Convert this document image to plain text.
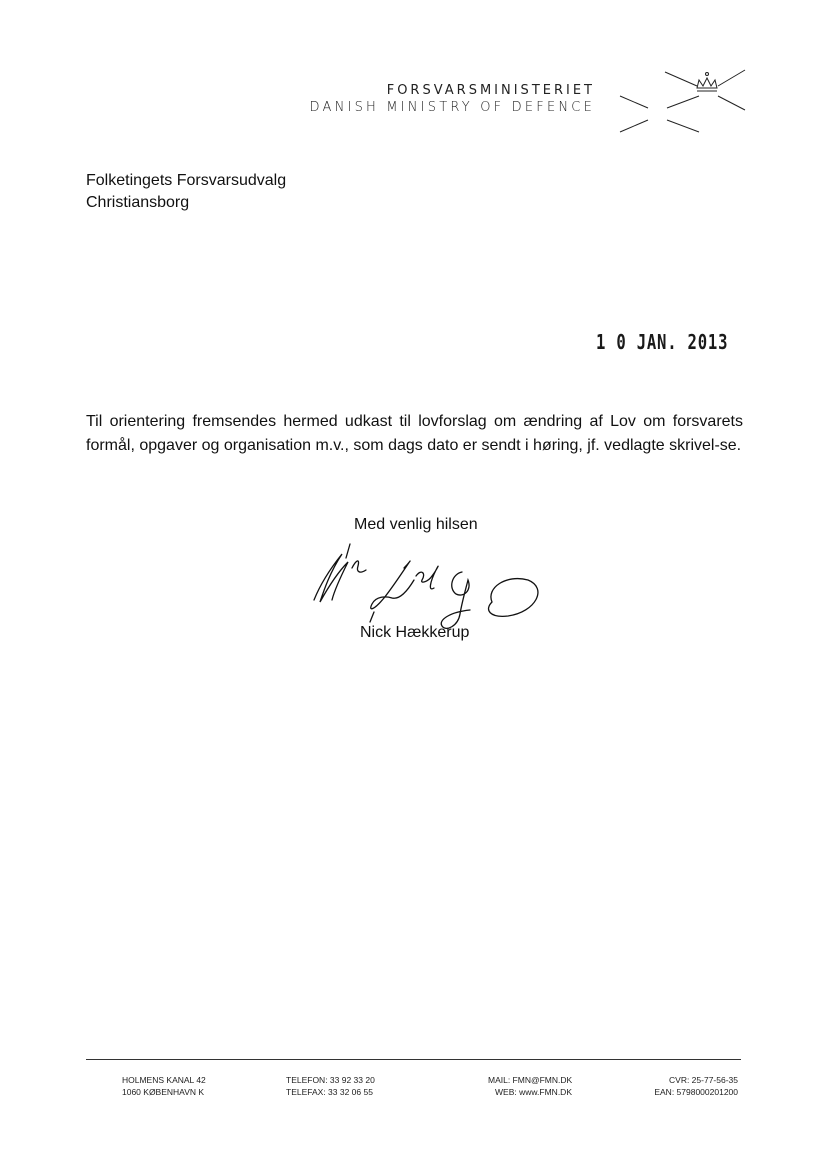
FORSVARSMINISTERIET
DANISH MINISTRY OF DEFENCE
Folketingets Forsvarsudvalg
Christiansborg
1 0 JAN. 2013
Til orientering fremsendes hermed udkast til lovforslag om ændring af Lov om forsvarets formål, opgaver og organisation m.v., som dags dato er sendt i høring, jf. vedlagte skrivel-se.
Med venlig hilsen
Nick Hækkerup
HOLMENS KANAL 42
1060 KØBENHAVN K
TELEFON: 33 92 33 20
TELEFAX: 33 32 06 55
MAIL: FMN@FMN.DK
WEB: www.FMN.DK
CVR: 25-77-56-35
EAN: 5798000201200
